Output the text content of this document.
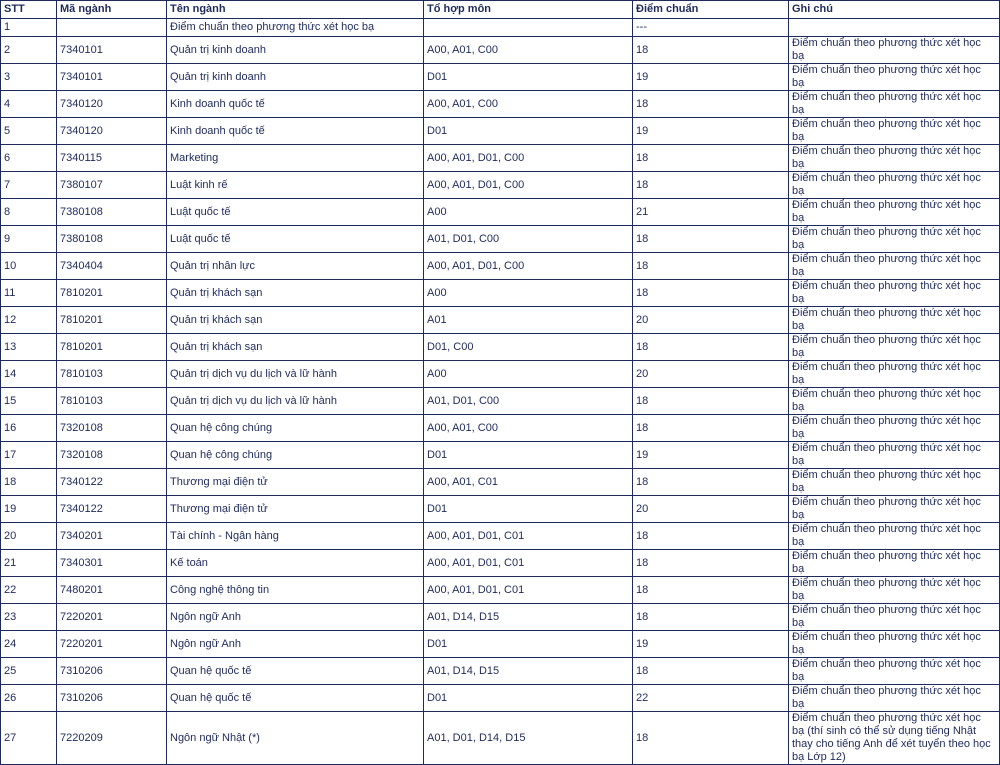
STT	Mã ngành	Tên ngành	Tổ hợp môn	Điểm chuẩn	Ghi chú
1		Điểm chuẩn theo phương thức xét học bạ		---	
2	7340101	Quản trị kinh doanh	A00, A01, C00	18	Điểm chuẩn theo phương thức xét học bạ
3	7340101	Quản trị kinh doanh	D01	19	Điểm chuẩn theo phương thức xét học bạ
4	7340120	Kinh doanh quốc tế	A00, A01, C00	18	Điểm chuẩn theo phương thức xét học bạ
5	7340120	Kinh doanh quốc tế	D01	19	Điểm chuẩn theo phương thức xét học bạ
6	7340115	Marketing	A00, A01, D01, C00	18	Điểm chuẩn theo phương thức xét học bạ
7	7380107	Luật kinh rế	A00, A01, D01, C00	18	Điểm chuẩn theo phương thức xét học bạ
8	7380108	Luật quốc tế	A00	21	Điểm chuẩn theo phương thức xét học bạ
9	7380108	Luật quốc tế	A01, D01, C00	18	Điểm chuẩn theo phương thức xét học bạ
10	7340404	Quản trị nhân lực	A00, A01, D01, C00	18	Điểm chuẩn theo phương thức xét học bạ
11	7810201	Quản trị khách sạn	A00	18	Điểm chuẩn theo phương thức xét học bạ
12	7810201	Quản trị khách sạn	A01	20	Điểm chuẩn theo phương thức xét học bạ
13	7810201	Quản trị khách sạn	D01, C00	18	Điểm chuẩn theo phương thức xét học bạ
14	7810103	Quản trị dịch vụ du lịch và lữ hành	A00	20	Điểm chuẩn theo phương thức xét học bạ
15	7810103	Quản trị dịch vụ du lịch và lữ hành	A01, D01, C00	18	Điểm chuẩn theo phương thức xét học bạ
16	7320108	Quan hệ công chúng	A00, A01, C00	18	Điểm chuẩn theo phương thức xét học bạ
17	7320108	Quan hệ công chúng	D01	19	Điểm chuẩn theo phương thức xét học bạ
18	7340122	Thương mại điện tử	A00, A01, C01	18	Điểm chuẩn theo phương thức xét học bạ
19	7340122	Thương mại điện tử	D01	20	Điểm chuẩn theo phương thức xét học bạ
20	7340201	Tài chính - Ngân hàng	A00, A01, D01, C01	18	Điểm chuẩn theo phương thức xét học bạ
21	7340301	Kế toán	A00, A01, D01, C01	18	Điểm chuẩn theo phương thức xét học bạ
22	7480201	Công nghệ thông tin	A00, A01, D01, C01	18	Điểm chuẩn theo phương thức xét học bạ
23	7220201	Ngôn ngữ Anh	A01, D14, D15	18	Điểm chuẩn theo phương thức xét học bạ
24	7220201	Ngôn ngữ Anh	D01	19	Điểm chuẩn theo phương thức xét học bạ
25	7310206	Quan hệ quốc tế	A01, D14, D15	18	Điểm chuẩn theo phương thức xét học bạ
26	7310206	Quan hệ quốc tế	D01	22	Điểm chuẩn theo phương thức xét học bạ
27	7220209	Ngôn ngữ Nhật (*)	A01, D01, D14, D15	18	Điểm chuẩn theo phương thức xét học bạ (thí sinh có thể sử dụng tiếng Nhật thay cho tiếng Anh để xét tuyển theo học bạ Lớp 12)
